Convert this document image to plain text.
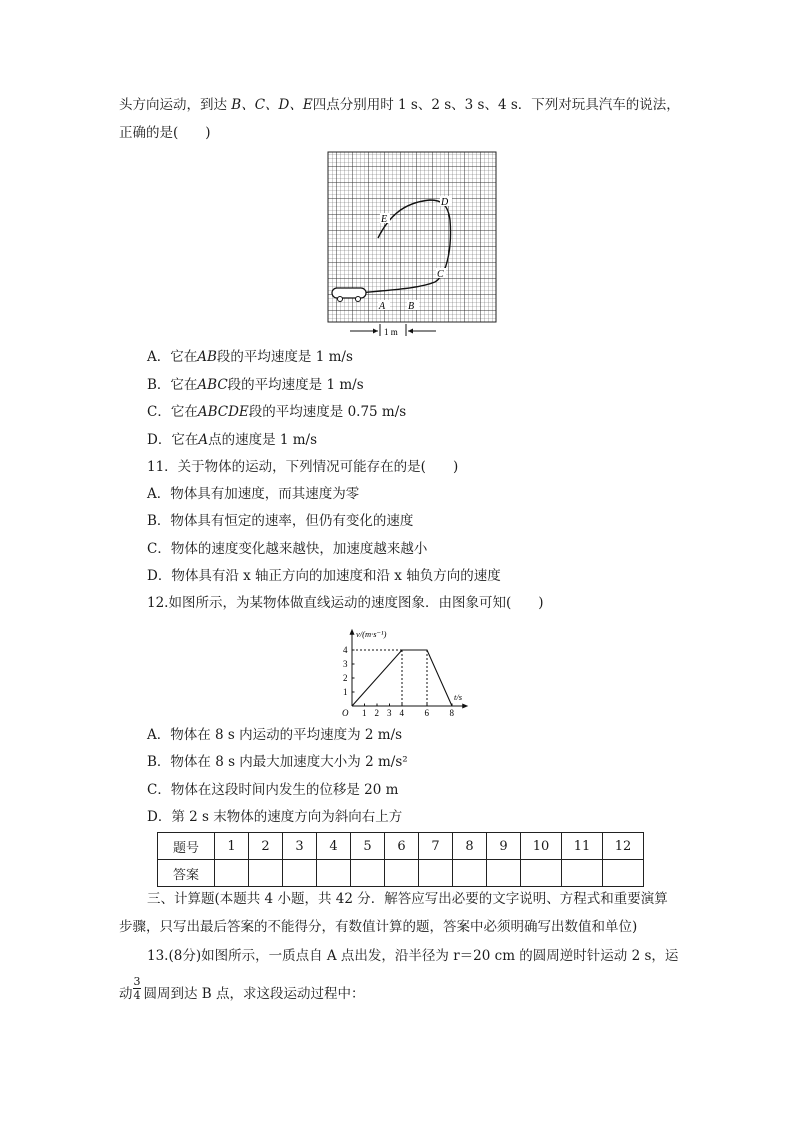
头方向运动，到达 B、C、D、E四点分别用时 1 s、2 s、3 s、4 s．下列对玩具汽车的说法，
正确的是(　　)
A B
C
D
E
1 m
A．它在AB段的平均速度是 1 m/s
B．它在ABC段的平均速度是 1 m/s
C．它在ABCDE段的平均速度是 0.75 m/s
D．它在A点的速度是 1 m/s
11．关于物体的运动，下列情况可能存在的是(　　)
A．物体具有加速度，而其速度为零
B．物体具有恒定的速率，但仍有变化的速度
C．物体的速度变化越来越快，加速度越来越小
D．物体具有沿 x 轴正方向的加速度和沿 x 轴负方向的速度
12.如图所示，为某物体做直线运动的速度图象．由图象可知(　　)
v/(m·s⁻¹)
t/s
O 1 2 3 4 6 8
1
2
3
4
A．物体在 8 s 内运动的平均速度为 2 m/s
B．物体在 8 s 内最大加速度大小为 2 m/s²
C．物体在这段时间内发生的位移是 20 m
D．第 2 s 末物体的速度方向为斜向右上方
题号	1	2	3	4	5	6	7	8	9	10	11	12
答案												
三、计算题(本题共 4 小题，共 42 分．解答应写出必要的文字说明、方程式和重要演算
步骤，只写出最后答案的不能得分，有数值计算的题，答案中必须明确写出数值和单位)
13.(8分)如图所示，一质点自 A 点出发，沿半径为 r＝20 cm 的圆周逆时针运动 2 s，运
动 圆周到达 B 点，求这段运动过程中：
3
4
